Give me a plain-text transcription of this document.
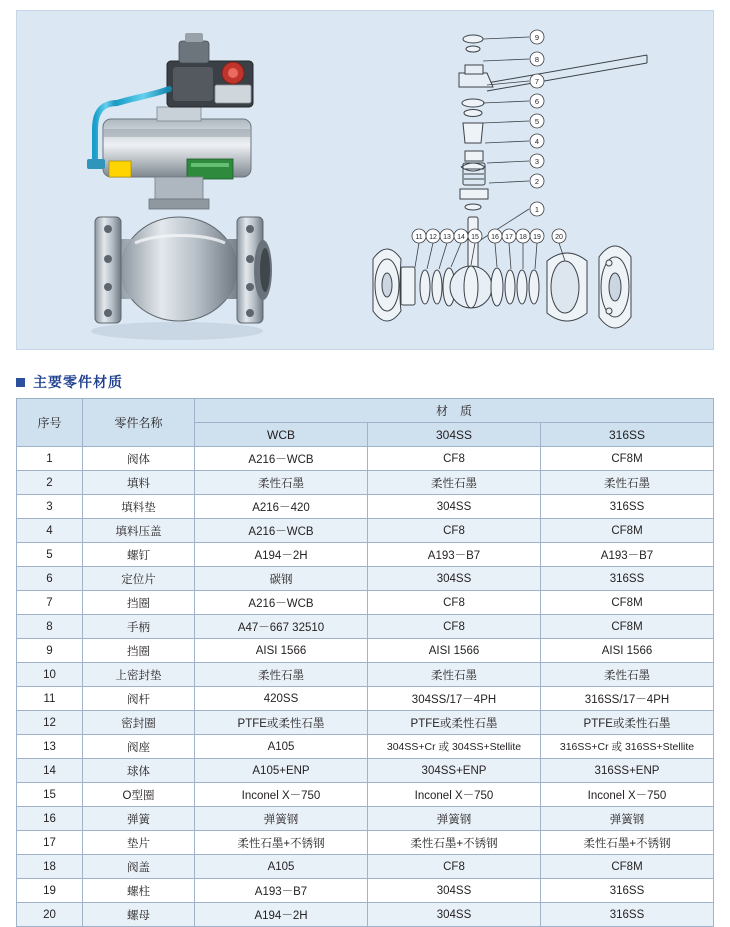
9
8
7
6
5
4
3
2
1
11 12 13 14 15 16 17 18 19 20
主要零件材质
序号	零件名称	材　质		
		WCB	304SS	316SS
1	阀体	A216－WCB	CF8	CF8M
2	填料	柔性石墨	柔性石墨	柔性石墨
3	填料垫	A216－420	304SS	316SS
4	填料压盖	A216－WCB	CF8	CF8M
5	螺钉	A194－2H	A193－B7	A193－B7
6	定位片	碳钢	304SS	316SS
7	挡圈	A216－WCB	CF8	CF8M
8	手柄	A47－667 32510	CF8	CF8M
9	挡圈	AISI 1566	AISI 1566	AISI 1566
10	上密封垫	柔性石墨	柔性石墨	柔性石墨
11	阀杆	420SS	304SS/17－4PH	316SS/17－4PH
12	密封圈	PTFE或柔性石墨	PTFE或柔性石墨	PTFE或柔性石墨
13	阀座	A105	304SS+Cr 或 304SS+Stellite	316SS+Cr 或 316SS+Stellite
14	球体	A105+ENP	304SS+ENP	316SS+ENP
15	O型圈	Inconel X－750	Inconel X－750	Inconel X－750
16	弹簧	弹簧钢	弹簧钢	弹簧钢
17	垫片	柔性石墨+不锈钢	柔性石墨+不锈钢	柔性石墨+不锈钢
18	阀盖	A105	CF8	CF8M
19	螺柱	A193－B7	304SS	316SS
20	螺母	A194－2H	304SS	316SS
